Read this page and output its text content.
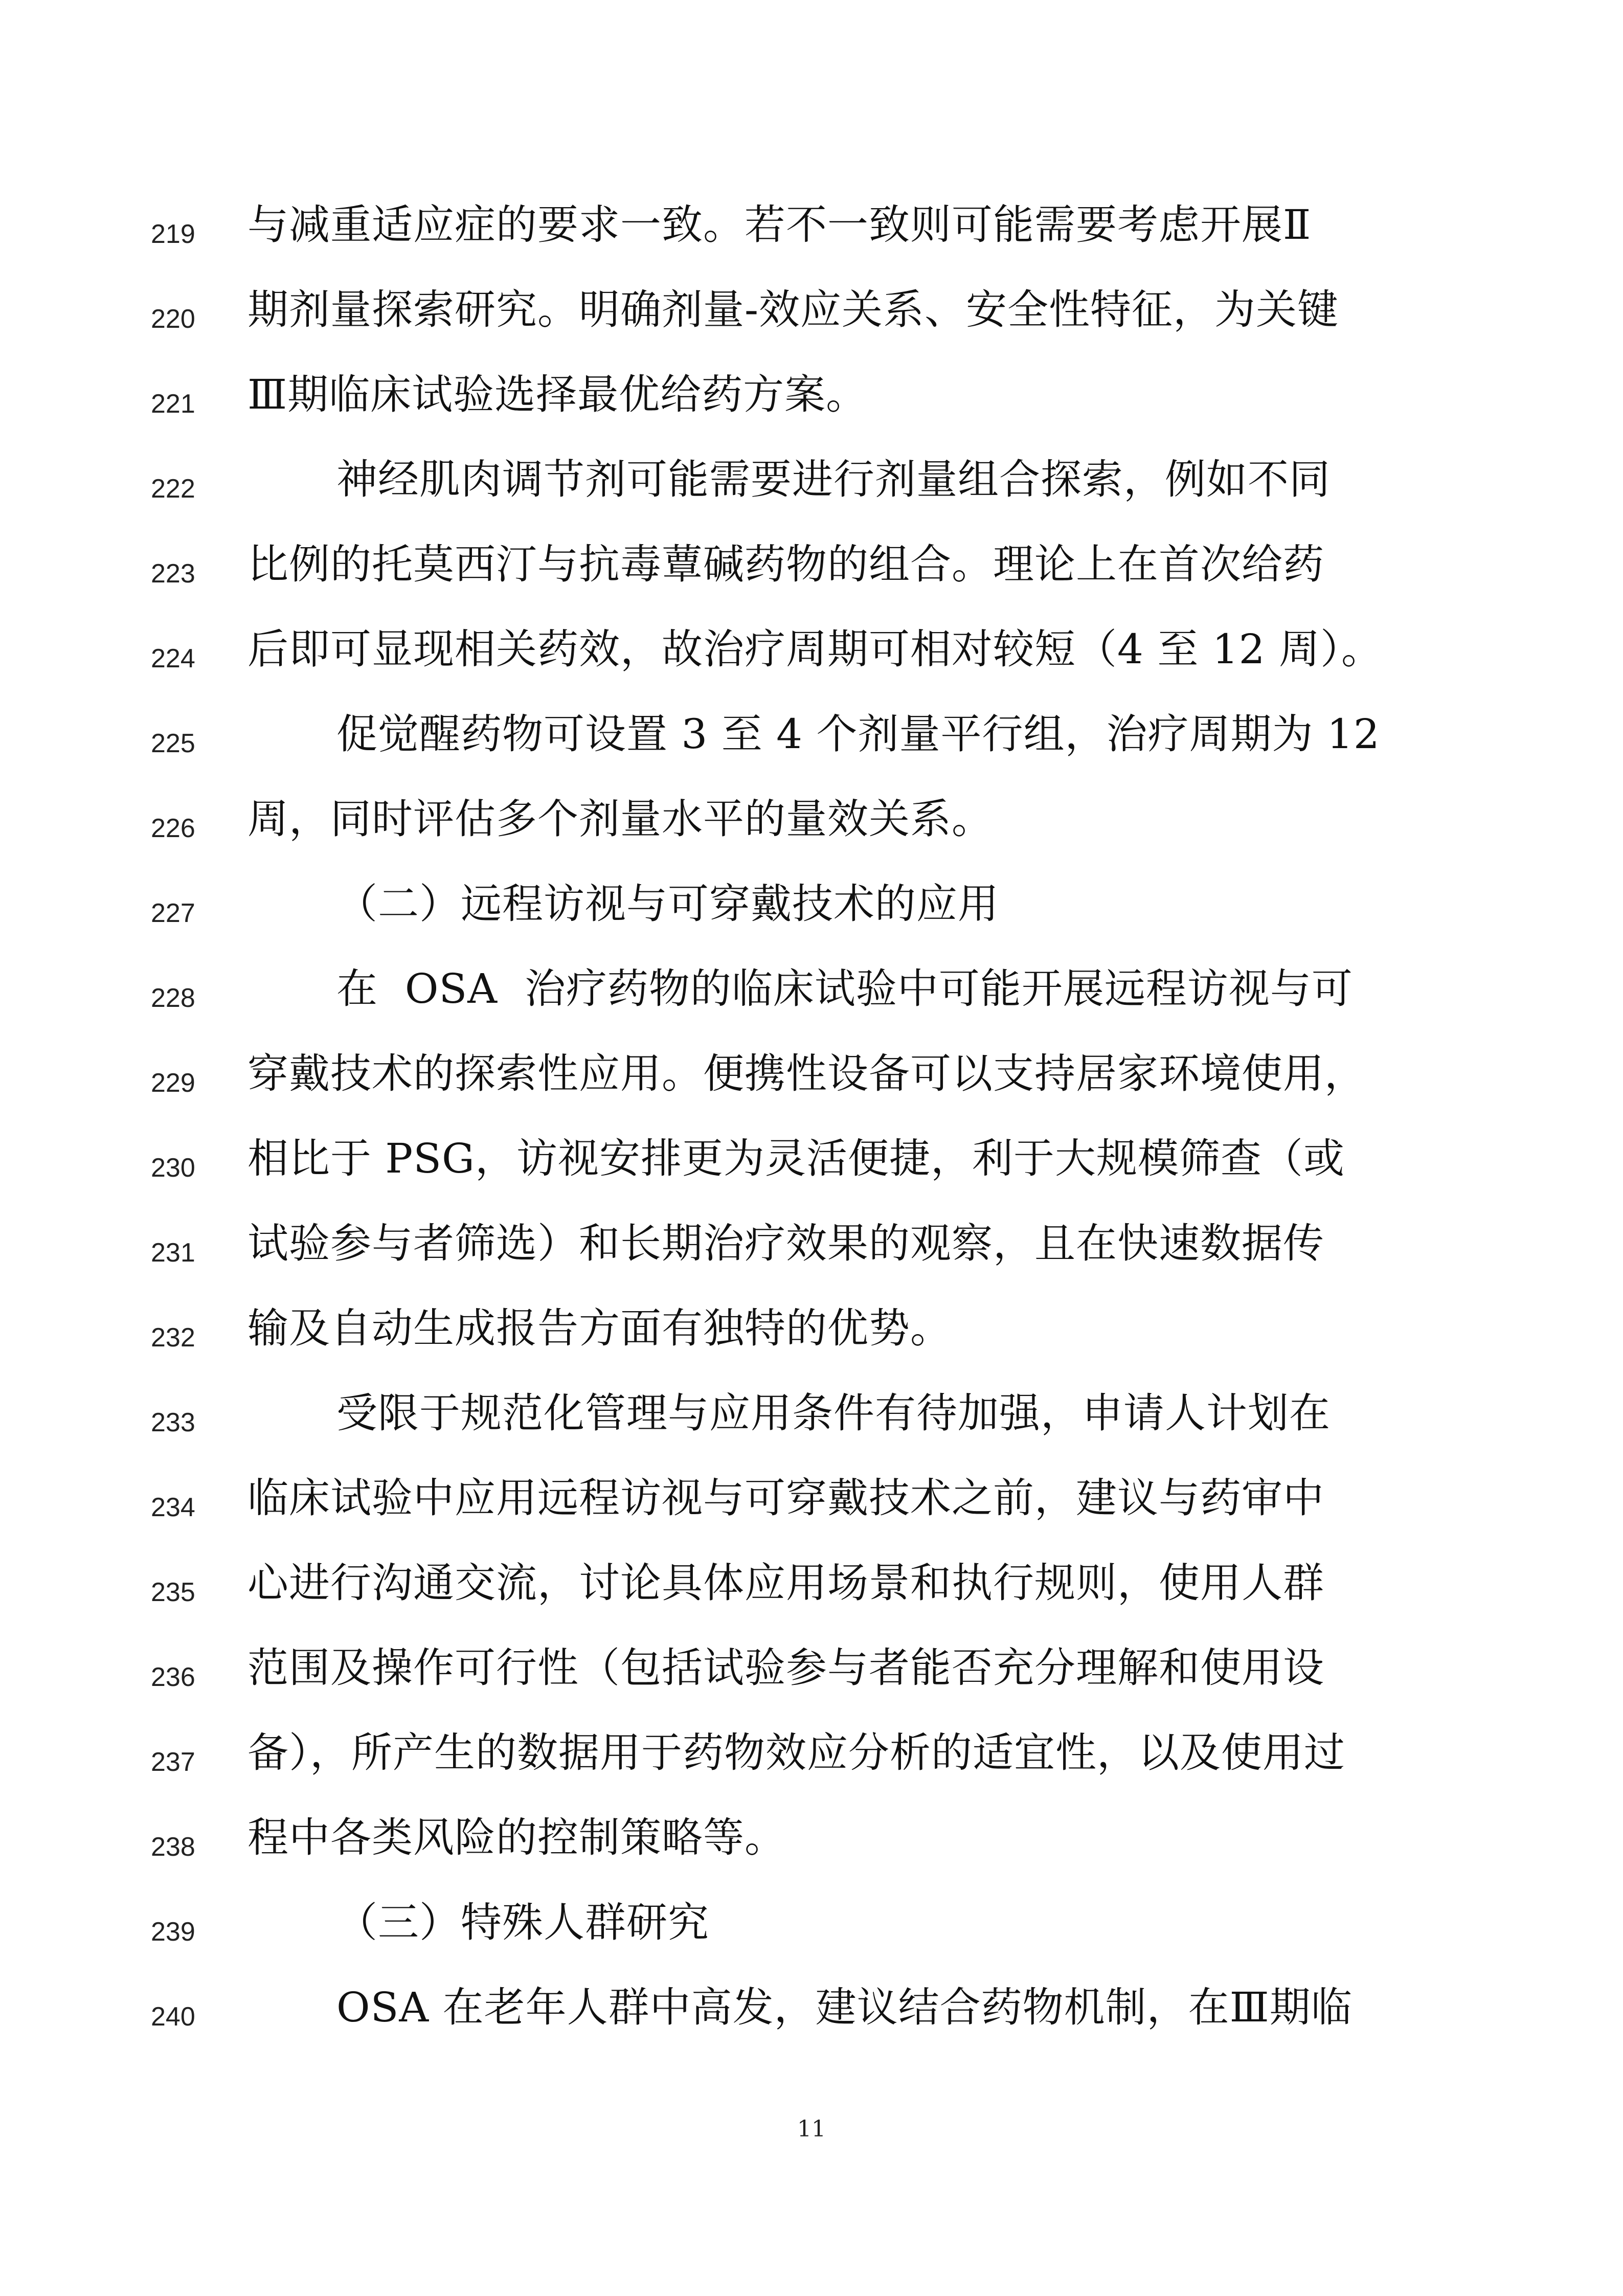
219	与减重适应症的要求一致。若不一致则可能需要考虑开展Ⅱ
220	期剂量探索研究。明确剂量-效应关系、安全性特征，为关键
221	Ⅲ期临床试验选择最优给药方案。
222	神经肌肉调节剂可能需要进行剂量组合探索，例如不同
223	比例的托莫西汀与抗毒蕈碱药物的组合。理论上在首次给药
224	后即可显现相关药效，故治疗周期可相对较短（4 至 12 周）。
225	促觉醒药物可设置 3 至 4 个剂量平行组，治疗周期为 12
226	周，同时评估多个剂量水平的量效关系。
227	（二）远程访视与可穿戴技术的应用
228	在  OSA  治疗药物的临床试验中可能开展远程访视与可
229	穿戴技术的探索性应用。便携性设备可以支持居家环境使用，
230	相比于 PSG，访视安排更为灵活便捷，利于大规模筛查（或
231	试验参与者筛选）和长期治疗效果的观察，且在快速数据传
232	输及自动生成报告方面有独特的优势。
233	受限于规范化管理与应用条件有待加强，申请人计划在
234	临床试验中应用远程访视与可穿戴技术之前，建议与药审中
235	心进行沟通交流，讨论具体应用场景和执行规则，使用人群
236	范围及操作可行性（包括试验参与者能否充分理解和使用设
237	备），所产生的数据用于药物效应分析的适宜性，以及使用过
238	程中各类风险的控制策略等。
239	（三）特殊人群研究
240	OSA 在老年人群中高发，建议结合药物机制，在Ⅲ期临
11
